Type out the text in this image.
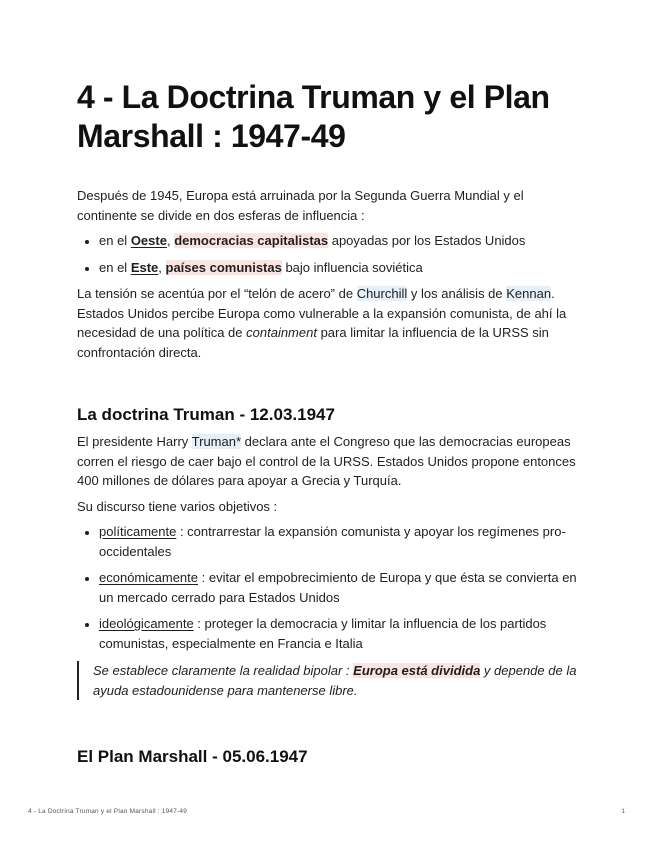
4 - La Doctrina Truman y el Plan Marshall : 1947-49

Después de 1945, Europa está arruinada por la Segunda Guerra Mundial y el continente se divide en dos esferas de influencia :

• en el Oeste, democracias capitalistas apoyadas por los Estados Unidos
• en el Este, países comunistas bajo influencia soviética

La tensión se acentúa por el “telón de acero” de Churchill y los análisis de Kennan. Estados Unidos percibe Europa como vulnerable a la expansión comunista, de ahí la necesidad de una política de containment para limitar la influencia de la URSS sin confrontación directa.

La doctrina Truman - 12.03.1947

El presidente Harry Truman* declara ante el Congreso que las democracias europeas corren el riesgo de caer bajo el control de la URSS. Estados Unidos propone entonces 400 millones de dólares para apoyar a Grecia y Turquía.

Su discurso tiene varios objetivos :

• políticamente : contrarrestar la expansión comunista y apoyar los regímenes pro-occidentales
• económicamente : evitar el empobrecimiento de Europa y que ésta se convierta en un mercado cerrado para Estados Unidos
• ideológicamente : proteger la democracia y limitar la influencia de los partidos comunistas, especialmente en Francia e Italia
Se establece claramente la realidad bipolar : Europa está dividida y depende de la ayuda estadounidense para mantenerse libre.
El Plan Marshall - 05.06.1947
4 - La Doctrina Truman y el Plan Marshall : 1947-49	1
